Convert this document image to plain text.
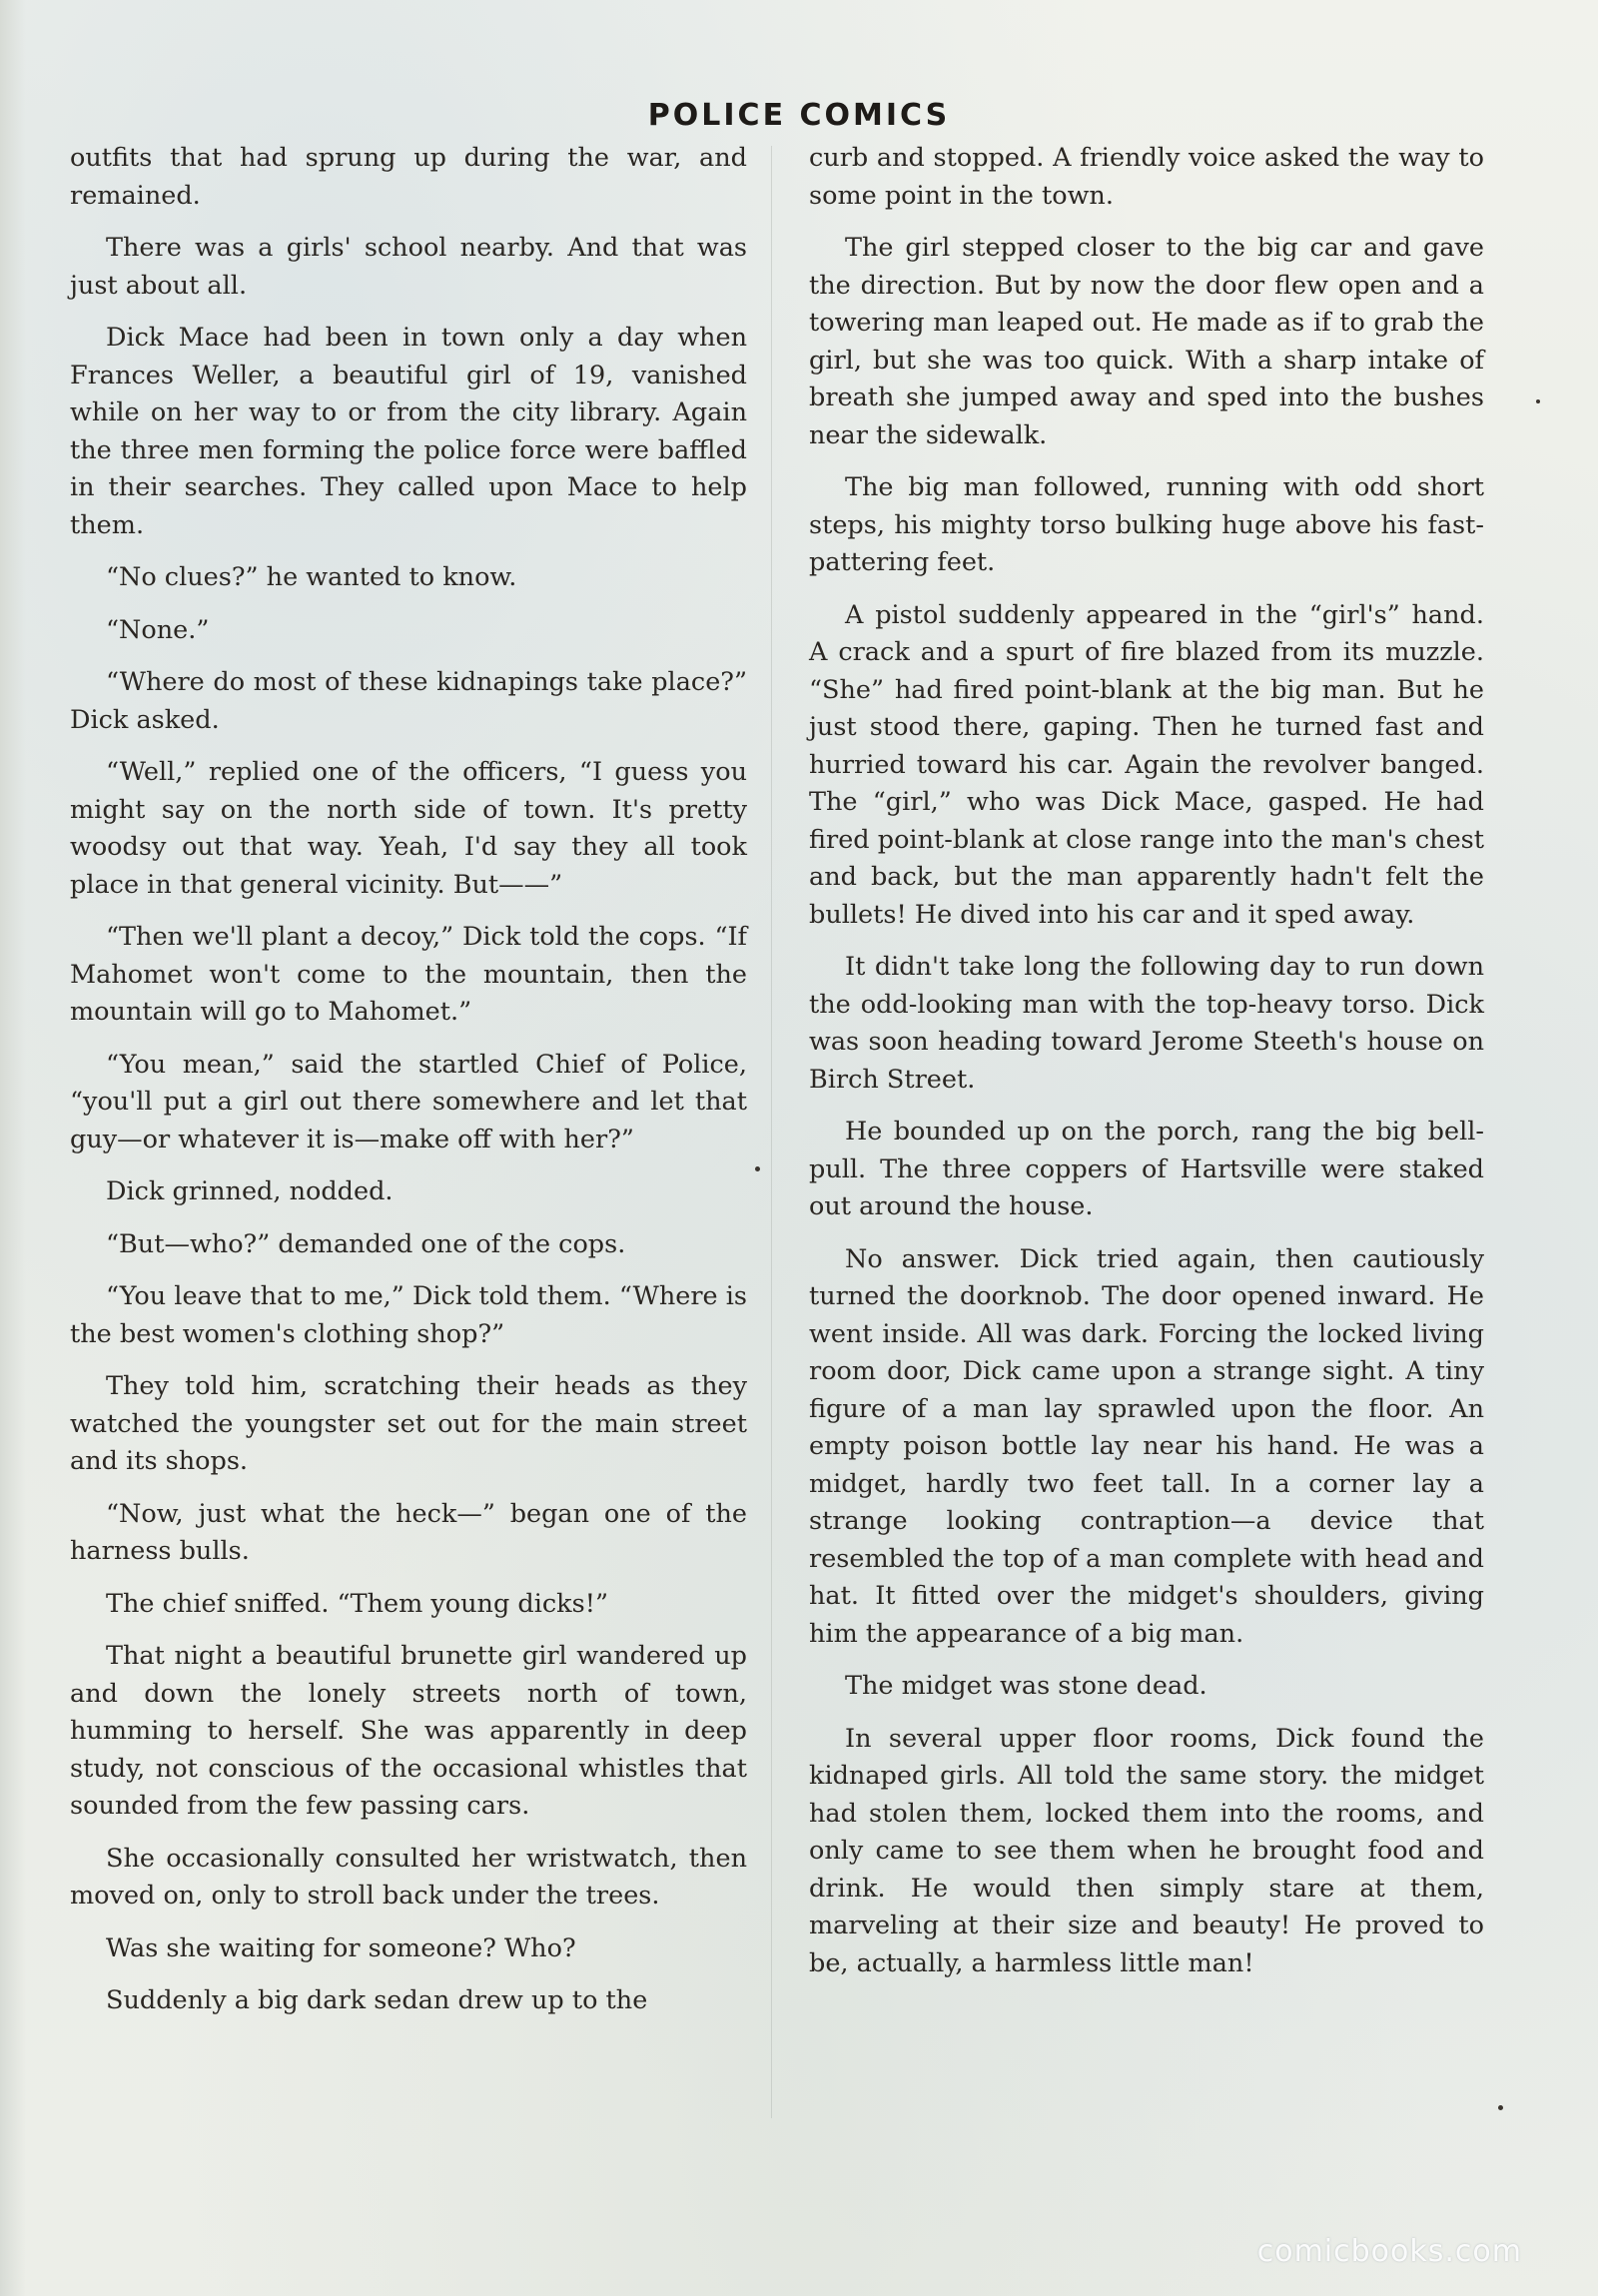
POLICE COMICS

outfits that had sprung up during the war, and remained.

There was a girls' school nearby. And that was just about all.

Dick Mace had been in town only a day when Frances Weller, a beautiful girl of 19, vanished while on her way to or from the city library. Again the three men forming the police force were baffled in their searches. They called upon Mace to help them.

“No clues?” he wanted to know.

“None.”

“Where do most of these kidnapings take place?” Dick asked.

“Well,” replied one of the officers, “I guess you might say on the north side of town. It's pretty woodsy out that way. Yeah, I'd say they all took place in that general vicinity. But——”

“Then we'll plant a decoy,” Dick told the cops. “If Mahomet won't come to the mountain, then the mountain will go to Mahomet.”

“You mean,” said the startled Chief of Police, “you'll put a girl out there somewhere and let that guy—or whatever it is—make off with her?”

Dick grinned, nodded.

“But—who?” demanded one of the cops.

“You leave that to me,” Dick told them. “Where is the best women's clothing shop?”

They told him, scratching their heads as they watched the youngster set out for the main street and its shops.

“Now, just what the heck—” began one of the harness bulls.

The chief sniffed. “Them young dicks!”

That night a beautiful brunette girl wandered up and down the lonely streets north of town, humming to herself. She was apparently in deep study, not conscious of the occasional whistles that sounded from the few passing cars.

She occasionally consulted her wristwatch, then moved on, only to stroll back under the trees.

Was she waiting for someone? Who?

Suddenly a big dark sedan drew up to the

curb and stopped. A friendly voice asked the way to some point in the town.

The girl stepped closer to the big car and gave the direction. But by now the door flew open and a towering man leaped out. He made as if to grab the girl, but she was too quick. With a sharp intake of breath she jumped away and sped into the bushes near the sidewalk.

The big man followed, running with odd short steps, his mighty torso bulking huge above his fast-pattering feet.

A pistol suddenly appeared in the “girl's” hand. A crack and a spurt of fire blazed from its muzzle. “She” had fired point-blank at the big man. But he just stood there, gaping. Then he turned fast and hurried toward his car. Again the revolver banged. The “girl,” who was Dick Mace, gasped. He had fired point-blank at close range into the man's chest and back, but the man apparently hadn't felt the bullets! He dived into his car and it sped away.

It didn't take long the following day to run down the odd-looking man with the top-heavy torso. Dick was soon heading toward Jerome Steeth's house on Birch Street.

He bounded up on the porch, rang the big bell-pull. The three coppers of Hartsville were staked out around the house.

No answer. Dick tried again, then cautiously turned the doorknob. The door opened inward. He went inside. All was dark. Forcing the locked living room door, Dick came upon a strange sight. A tiny figure of a man lay sprawled upon the floor. An empty poison bottle lay near his hand. He was a midget, hardly two feet tall. In a corner lay a strange looking contraption—a device that resembled the top of a man complete with head and hat. It fitted over the midget's shoulders, giving him the appearance of a big man.

The midget was stone dead.

In several upper floor rooms, Dick found the kidnaped girls. All told the same story. the midget had stolen them, locked them into the rooms, and only came to see them when he brought food and drink. He would then simply stare at them, marveling at their size and beauty! He proved to be, actually, a harmless little man!

comicbooks.com
